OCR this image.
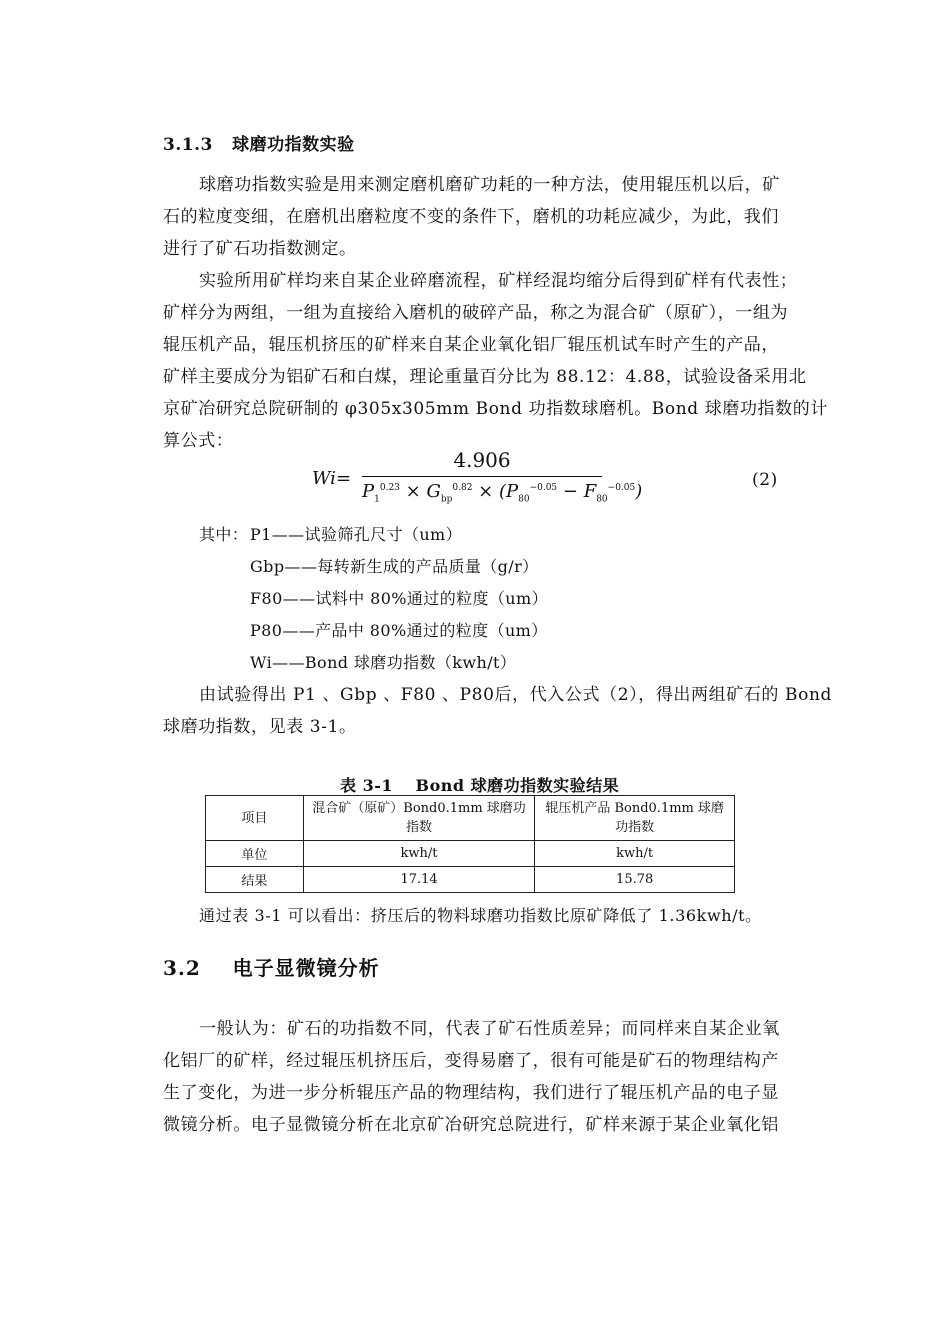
3.1.3 球磨功指数实验
球磨功指数实验是用来测定磨机磨矿功耗的一种方法，使用辊压机以后，矿
石的粒度变细，在磨机出磨粒度不变的条件下，磨机的功耗应减少，为此，我们
进行了矿石功指数测定。
实验所用矿样均来自某企业碎磨流程，矿样经混均缩分后得到矿样有代表性；
矿样分为两组，一组为直接给入磨机的破碎产品，称之为混合矿（原矿），一组为
辊压机产品，辊压机挤压的矿样来自某企业氧化铝厂辊压机试车时产生的产品，
矿样主要成分为铝矿石和白煤，理论重量百分比为 88.12：4.88，试验设备采用北
京矿冶研究总院研制的 φ305x305mm Bond 功指数球磨机。Bond 球磨功指数的计
算公式：
Wi=
4.906
$P_1^{0.23} \times G_{bp}^{0.82} \times (P_{80}^{-0.05} - F_{80}^{-0.05})$
(2)
其中： P1——试验筛孔尺寸（um）
Gbp——每转新生成的产品质量（g/r）
F80——试料中 80%通过的粒度（um）
P80——产品中 80%通过的粒度（um）
Wi——Bond 球磨功指数（kwh/t）
由试验得出 P1 、Gbp 、F80 、P80后，代入公式（2），得出两组矿石的 Bond
球磨功指数，见表 3-1。
表 3-1　 Bond 球磨功指数实验结果
项目	混合矿（原矿）Bond0.1mm 球磨功指数	辊压机产品 Bond0.1mm 球磨功指数
单位	kwh/t	kwh/t
结果	17.14	15.78
通过表 3-1 可以看出：挤压后的物料球磨功指数比原矿降低了 1.36kwh/t。
3.2 电子显微镜分析
一般认为：矿石的功指数不同，代表了矿石性质差异；而同样来自某企业氧
化铝厂的矿样，经过辊压机挤压后，变得易磨了，很有可能是矿石的物理结构产
生了变化，为进一步分析辊压产品的物理结构，我们进行了辊压机产品的电子显
微镜分析。电子显微镜分析在北京矿冶研究总院进行，矿样来源于某企业氧化铝
